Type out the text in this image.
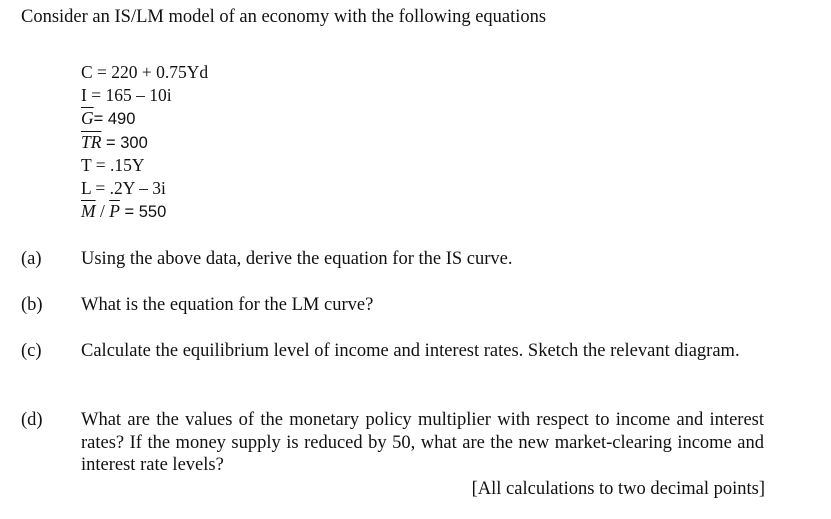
Consider an IS/LM model of an economy with the following equations
C = 220 + 0.75Yd
I = 165 – 10i
$\overline{G}= 490$
$\overline{TR} = 300$
T = .15Y
L = .2Y – 3i
$\overline{M} / \overline{P} = 550$
(a) Using the above data, derive the equation for the IS curve.
(b) What is the equation for the LM curve?
(c) Calculate the equilibrium level of income and interest rates. Sketch the relevant diagram.
(d) What are the values of the monetary policy multiplier with respect to income and interest rates? If the money supply is reduced by 50, what are the new market-clearing income and interest rate levels?
[All calculations to two decimal points]
